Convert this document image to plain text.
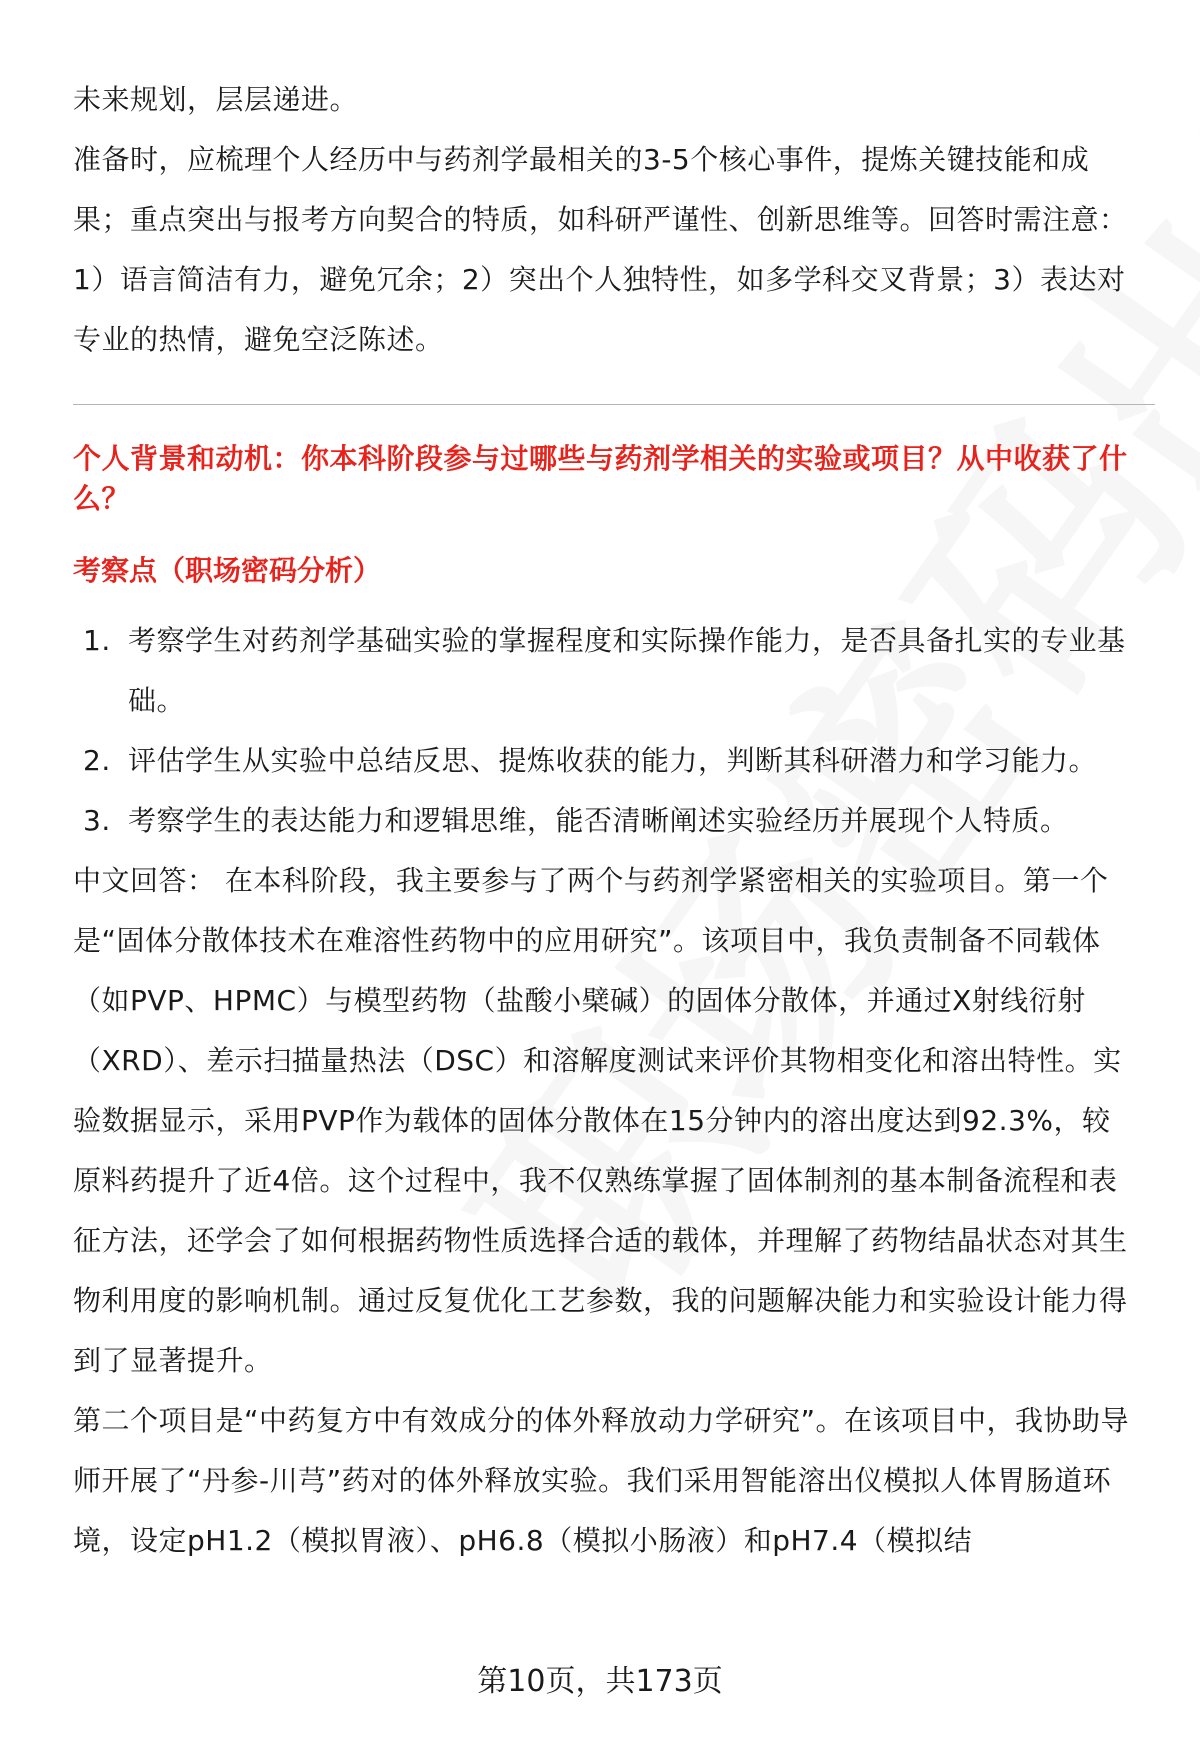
未来规划，层层递进。

准备时，应梳理个人经历中与药剂学最相关的3-5个核心事件，提炼关键技能和成果；重点突出与报考方向契合的特质，如科研严谨性、创新思维等。回答时需注意：1）语言简洁有力，避免冗余；2）突出个人独特性，如多学科交叉背景；3）表达对专业的热情，避免空泛陈述。

个人背景和动机：你本科阶段参与过哪些与药剂学相关的实验或项目？从中收获了什么？

考察点（职场密码分析）

1. 考察学生对药剂学基础实验的掌握程度和实际操作能力，是否具备扎实的专业基础。
2. 评估学生从实验中总结反思、提炼收获的能力，判断其科研潜力和学习能力。
3. 考察学生的表达能力和逻辑思维，能否清晰阐述实验经历并展现个人特质。

中文回答： 在本科阶段，我主要参与了两个与药剂学紧密相关的实验项目。第一个是“固体分散体技术在难溶性药物中的应用研究”。该项目中，我负责制备不同载体（如PVP、HPMC）与模型药物（盐酸小檗碱）的固体分散体，并通过X射线衍射（XRD）、差示扫描量热法（DSC）和溶解度测试来评价其物相变化和溶出特性。实验数据显示，采用PVP作为载体的固体分散体在15分钟内的溶出度达到92.3%，较原料药提升了近4倍。这个过程中，我不仅熟练掌握了固体制剂的基本制备流程和表征方法，还学会了如何根据药物性质选择合适的载体，并理解了药物结晶状态对其生物利用度的影响机制。通过反复优化工艺参数，我的问题解决能力和实验设计能力得到了显著提升。

第二个项目是“中药复方中有效成分的体外释放动力学研究”。在该项目中，我协助导师开展了“丹参-川芎”药对的体外释放实验。我们采用智能溶出仪模拟人体胃肠道环境，设定pH1.2（模拟胃液）、pH6.8（模拟小肠液）和pH7.4（模拟结

第10页，共173页
